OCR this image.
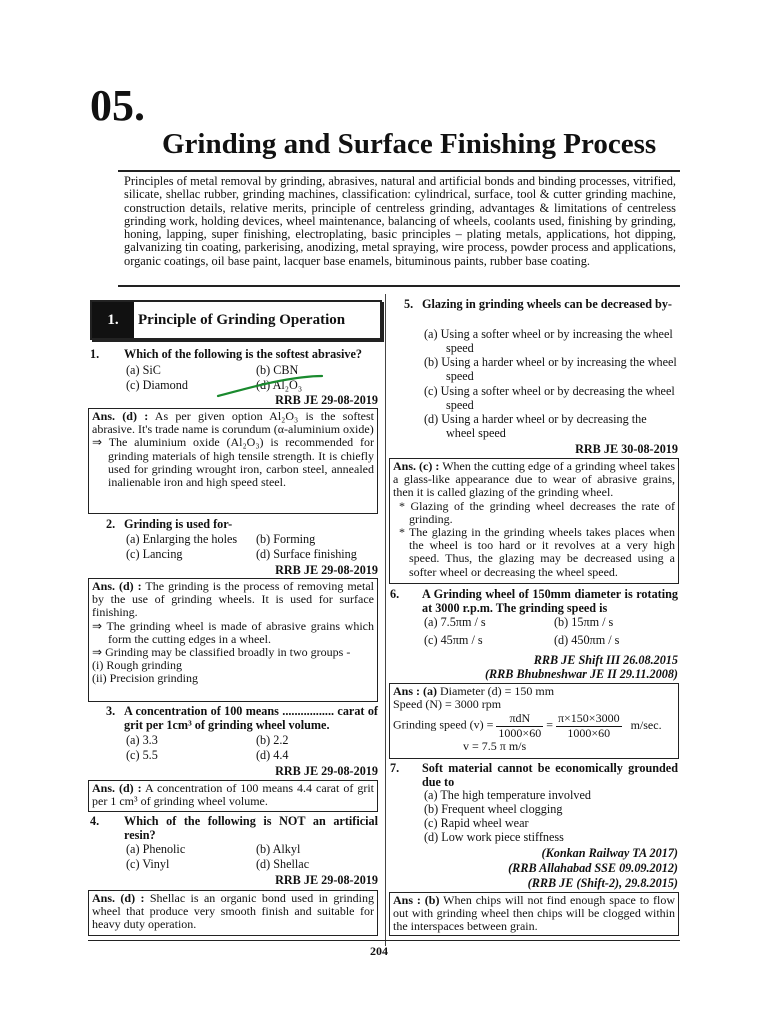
05.
Grinding and Surface Finishing Process
Principles of metal removal by grinding, abrasives, natural and artificial bonds and binding processes, vitrified, silicate, shellac rubber, grinding machines, classification: cylindrical, surface, tool & cutter grinding machine, construction details, relative merits, principle of centreless grinding, advantages & limitations of centreless grinding work, holding devices, wheel maintenance, balancing of wheels, coolants used, finishing by grinding, honing, lapping, super finishing, electroplating, basic principles – plating metals, applications, hot dipping, galvanizing tin coating, parkerising, anodizing, metal spraying, wire process, powder process and applications, organic coatings, oil base paint, lacquer base enamels, bituminous paints, rubber base coating.
1.	Principle of Grinding Operation
1. Which of the following is the softest abrasive?
(a) SiC	(b) CBN
(c) Diamond	(d) Al₂O₃
RRB JE 29-08-2019
Ans. (d) : As per given option Al₂O₃ is the softest abrasive. It's trade name is corundum (α-aluminium oxide)
⇒ The aluminium oxide (Al₂O₃) is recommended for grinding materials of high tensile strength. It is chiefly used for grinding wrought iron, carbon steel, annealed inalienable iron and high speed steel.
2. Grinding is used for-
(a) Enlarging the holes (b) Forming
(c) Lancing	(d) Surface finishing
RRB JE 29-08-2019
Ans. (d) : The grinding is the process of removing metal by the use of grinding wheels. It is used for surface finishing.
⇒ The grinding wheel is made of abrasive grains which form the cutting edges in a wheel.
⇒ Grinding may be classified broadly in two groups -
(i) Rough grinding
(ii) Precision grinding
3. A concentration of 100 means ................. carat of grit per 1cm³ of grinding wheel volume.
(a) 3.3	(b) 2.2
(c) 5.5	(d) 4.4
RRB JE 29-08-2019
Ans. (d) : A concentration of 100 means 4.4 carat of grit per 1 cm³ of grinding wheel volume.
4. Which of the following is NOT an artificial resin?
(a) Phenolic	(b) Alkyl
(c) Vinyl	(d) Shellac
RRB JE 29-08-2019
Ans. (d) : Shellac is an organic bond used in grinding wheel that produce very smooth finish and suitable for heavy duty operation.
5. Glazing in grinding wheels can be decreased by-
(a) Using a softer wheel or by increasing the wheel speed
(b) Using a harder wheel or by increasing the wheel speed
(c) Using a softer wheel or by decreasing the wheel speed
(d) Using a harder wheel or by decreasing the wheel speed
RRB JE 30-08-2019
Ans. (c) : When the cutting edge of a grinding wheel takes a glass-like appearance due to wear of abrasive grains, then it is called glazing of the grinding wheel.
* Glazing of the grinding wheel decreases the rate of grinding.
* The glazing in the grinding wheels takes places when the wheel is too hard or it revolves at a very high speed. Thus, the glazing may be decreased using a softer wheel or decreasing the wheel speed.
6. A Grinding wheel of 150mm diameter is rotating at 3000 r.p.m. The grinding speed is
(a) 7.5πm / s	(b) 15πm / s
(c) 45πm / s	(d) 450πm / s
RRB JE Shift III 26.08.2015
(RRB Bhubneshwar JE II 29.11.2008)
Ans : (a) Diameter (d) = 150 mm
Speed (N) = 3000 rpm
Grinding speed $(v) = \frac{\text{πdN}}{1000\times 60} = \frac{\pi\times 150\times 3000}{1000\times 60} m/\sec$.
v = 7.5 π m/s
7. Soft material cannot be economically grounded due to
(a) The high temperature involved
(b) Frequent wheel clogging
(c) Rapid wheel wear
(d) Low work piece stiffness
(Konkan Railway TA 2017)
(RRB Allahabad SSE 09.09.2012)
(RRB JE (Shift-2), 29.8.2015)
Ans : (b) When chips will not find enough space to flow out with grinding wheel then chips will be clogged within the interspaces between grain.
204
